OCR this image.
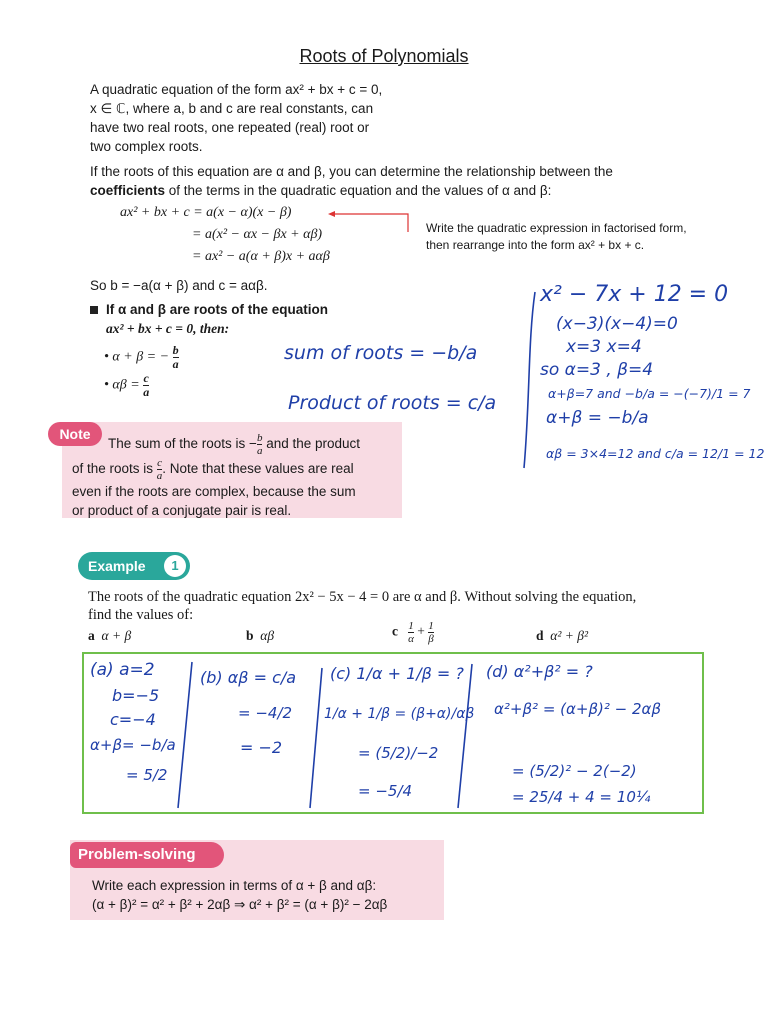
Roots of Polynomials
A quadratic equation of the form ax² + bx + c = 0,
x ∈ ℂ, where a, b and c are real constants, can
have two real roots, one repeated (real) root or
two complex roots.
If the roots of this equation are α and β, you can determine the relationship between the
coefficients of the terms in the quadratic equation and the values of α and β:
ax² + bx + c = a(x − α)(x − β)
= a(x² − αx − βx + αβ)
= ax² − a(α + β)x + aαβ
Write the quadratic expression in factorised form,
then rearrange into the form ax² + bx + c.
So b = −a(α + β) and c = aαβ.
If α and β are roots of the equation
ax² + bx + c = 0, then:
• α + β = − b

a
• αβ = c

a
sum of roots = −b/a
Product of roots = c/a
x² − 7x + 12 = 0
(x−3)(x−4)=0
x=3 x=4
so α=3 , β=4
α+β=7 and −b/a = −(−7)/1 = 7
α+β = −b/a
αβ = 3×4=12 and c/a = 12/1 = 12
Note
The sum of the roots is −b

a and the product
of the roots is c

a . Note that these values are real
even if the roots are complex, because the sum
or product of a conjugate pair is real.
Example	1
The roots of the quadratic equation 2x² − 5x − 4 = 0 are α and β. Without solving the equation,
find the values of:
a α + β	b αβ	c 1

α
+ 1

β	d α² + β²
(a) a=2
b=−5
c=−4
α+β= −b/a
= 5/2
(b) αβ = c/a
= −4/2
= −2
(c) 1/α + 1/β = ?
1/α + 1/β = (β+α)/αβ
= (5/2)/−2
= −5/4
(d) α²+β² = ?
α²+β² = (α+β)² − 2αβ
= (5/2)² − 2(−2)
= 25/4 + 4 = 10¼
Problem-solving
Write each expression in terms of α + β and αβ:
(α + β)² = α² + β² + 2αβ ⇒ α² + β² = (α + β)² − 2αβ
